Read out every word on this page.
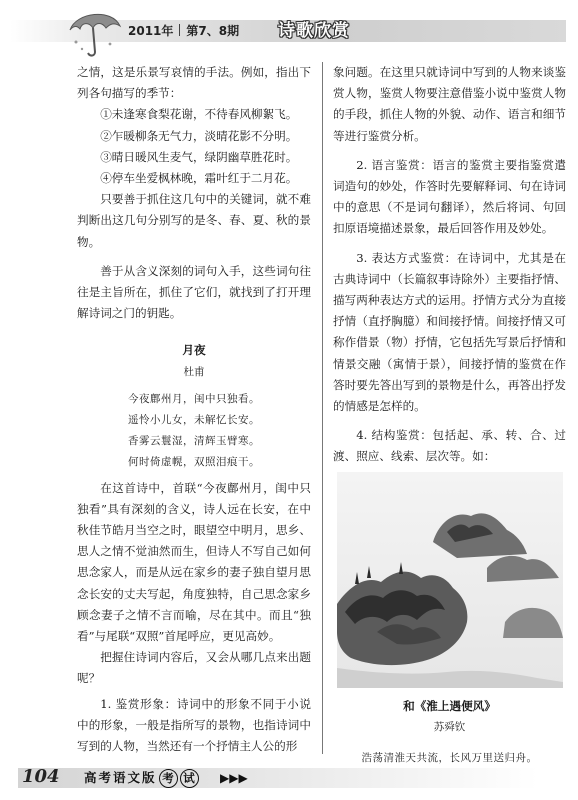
2011年 第7、8期	诗歌欣赏

之情，这是乐景写哀情的手法。例如，指出下列各句描写的季节：

①未逢寒食梨花谢，不待春风柳絮飞。

②乍暖柳条无气力，淡晴花影不分明。

③晴日暖风生麦气，绿阴幽草胜花时。

④停车坐爱枫林晚，霜叶红于二月花。

只要善于抓住这几句中的关键词，就不难判断出这几句分别写的是冬、春、夏、秋的景物。

善于从含义深刻的词句入手，这些词句往往是主旨所在，抓住了它们，就找到了打开理解诗词之门的钥匙。

月夜

杜甫

今夜鄜州月，闺中只独看。

遥怜小儿女，未解忆长安。

香雾云鬟湿，清辉玉臂寒。

何时倚虚幌，双照泪痕干。

在这首诗中，首联“今夜鄜州月，闺中只独看”具有深刻的含义，诗人远在长安，在中秋佳节皓月当空之时，眼望空中明月，思乡、思人之情不觉油然而生，但诗人不写自己如何思念家人，而是从远在家乡的妻子独自望月思念长安的丈夫写起，角度独特，自己思念家乡顾念妻子之情不言而喻，尽在其中。而且“独看”与尾联“双照”首尾呼应，更见高妙。

把握住诗词内容后，又会从哪几点来出题呢？

1. 鉴赏形象：诗词中的形象不同于小说中的形象，一般是指所写的景物，也指诗词中写到的人物，当然还有一个抒情主人公的形

象问题。在这里只就诗词中写到的人物来谈鉴赏人物，鉴赏人物要注意借鉴小说中鉴赏人物的手段，抓住人物的外貌、动作、语言和细节等进行鉴赏分析。

2. 语言鉴赏：语言的鉴赏主要指鉴赏遣词造句的妙处，作答时先要解释词、句在诗词中的意思（不是词句翻译），然后将词、句回扣原语境描述景象，最后回答作用及妙处。

3. 表达方式鉴赏：在诗词中，尤其是在古典诗词中（长篇叙事诗除外）主要指抒情、描写两种表达方式的运用。抒情方式分为直接抒情（直抒胸臆）和间接抒情。间接抒情又可称作借景（物）抒情，它包括先写景后抒情和情景交融（寓情于景），间接抒情的鉴赏在作答时要先答出写到的景物是什么，再答出抒发的情感是怎样的。

4. 结构鉴赏：包括起、承、转、合、过渡、照应、线索、层次等。如：

和《淮上遇便风》

苏舜钦

浩荡清淮天共流，长风万里送归舟。

104 高考语文版 考 试	▶▶▶
